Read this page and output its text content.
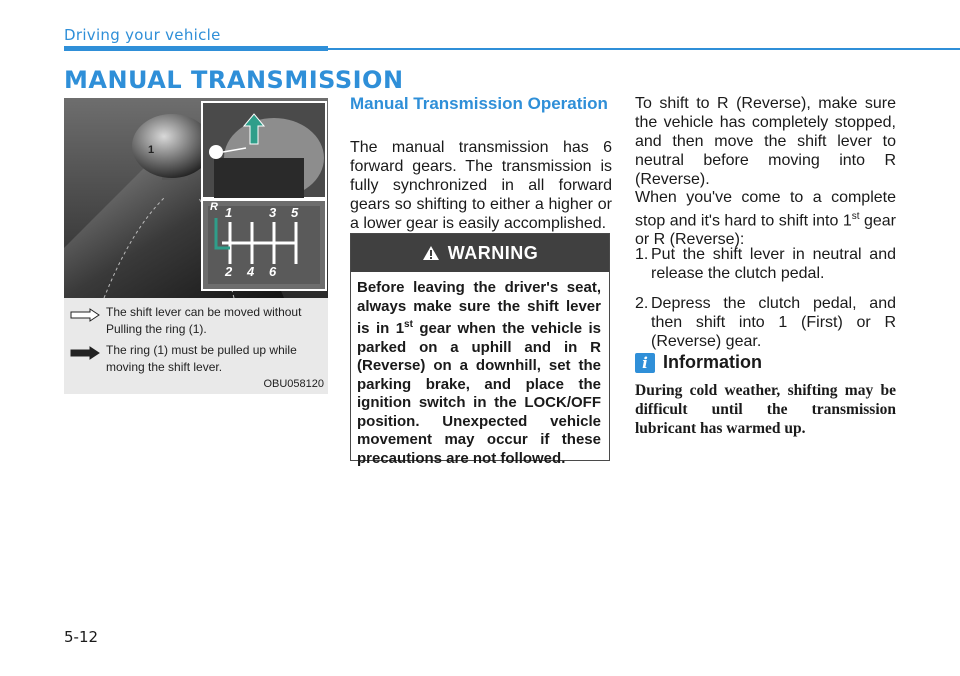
Driving your vehicle
MANUAL TRANSMISSION
1
R 1	3 5
2 4 6
The shift lever can be moved without Pulling the ring (1).
The ring (1) must be pulled up while moving the shift lever.
OBU058120
Manual Transmission Operation
The manual transmission has 6 forward gears. The transmission is fully synchronized in all forward gears so shifting to either a higher or a lower gear is easily accomplished.
WARNING
Before leaving the driver's seat, always make sure the shift lever is in 1st gear when the vehicle is parked on a uphill and in R (Reverse) on a downhill, set the parking brake, and place the ignition switch in the LOCK/OFF position. Unexpected vehicle movement may occur if these precautions are not followed.
To shift to R (Reverse), make sure the vehicle has completely stopped, and then move the shift lever to neutral before moving into R (Reverse).
When you've come to a complete stop and it's hard to shift into 1st gear or R (Reverse):
1. Put the shift lever in neutral and release the clutch pedal.
2. Depress the clutch pedal, and then shift into 1 (First) or R (Reverse) gear.
i Information
During cold weather, shifting may be difficult until the transmission lubricant has warmed up.
5-12
